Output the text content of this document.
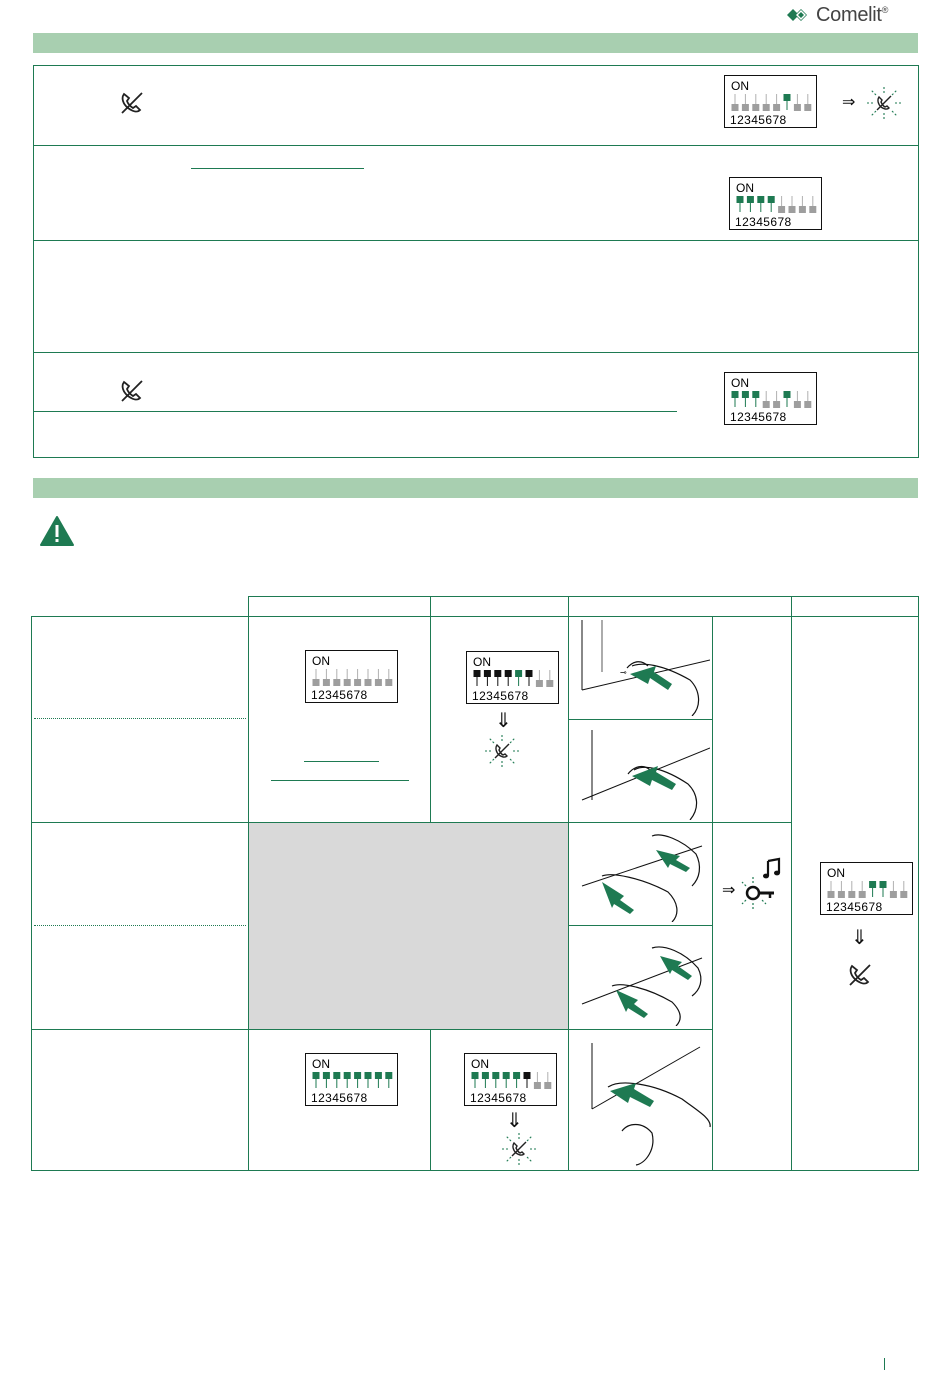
Comelit ®
ON
12345678
⇒
ON
12345678
ON
12345678
ON
12345678
ON
12345678
ON
12345678
ON
12345678
ON
12345678
⇓
⇓
⇓
⇒
⊸
